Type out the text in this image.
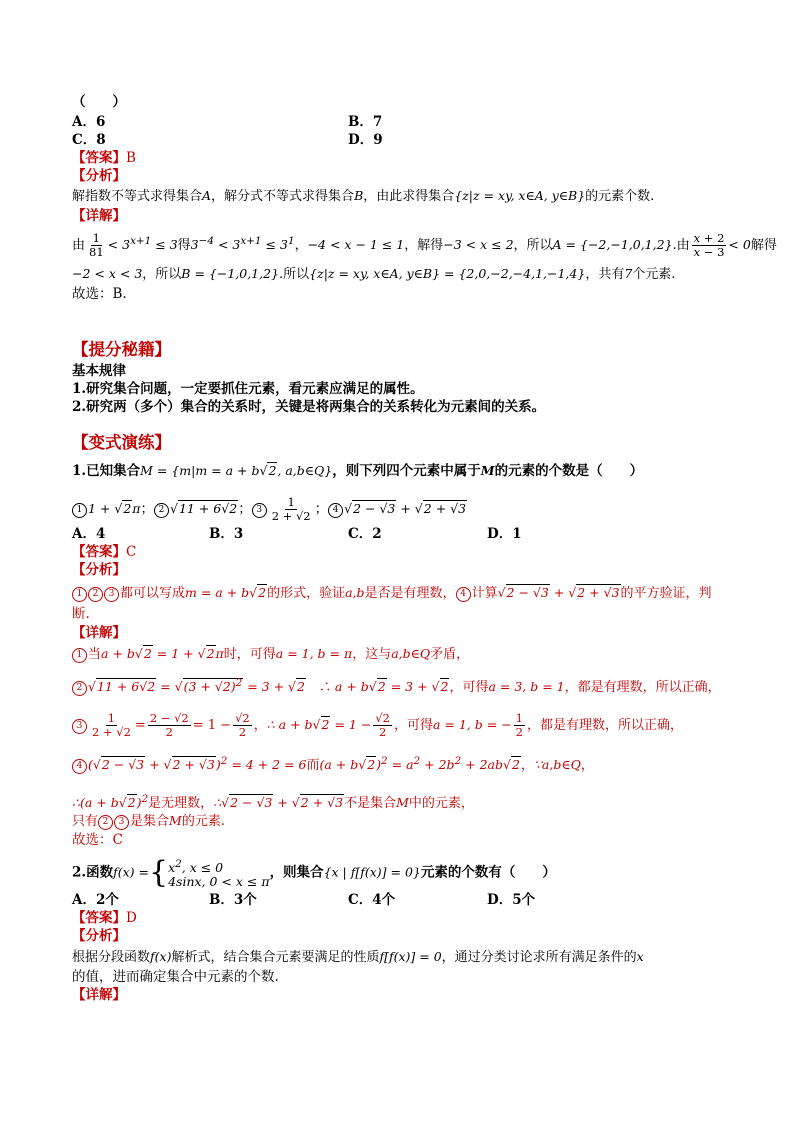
（　　）
A．6	B．7
C．8	D．9
【答案】B
【分析】
解指数不等式求得集合A，解分式不等式求得集合B，由此求得集合{z|z = xy, x∈A, y∈B}的元素个数.
【详解】
由 $\frac{1}{81} < 3^{x+1} \le 3$得$3^{-4} < 3^{x+1} \le 3^1$，−4 < x − 1 ≤ 1，解得−3 < x ≤ 2，所以A = {−2,−1,0,1,2}.由 $\frac{x + 2}{x - 3} < 0$解得
−2 < x < 3，所以B = {−1,0,1,2}.所以{z|z = xy, x∈A, y∈B} = {2,0,−2,−4,1,−1,4}，共有7个元素.
故选：B.
【提分秘籍】
基本规律
1.研究集合问题，一定要抓住元素，看元素应满足的属性。
2.研究两（多个）集合的关系时，关键是将两集合的关系转化为元素间的关系。
【变式演练】
1.已知集合M = {m|m = a + b√2, a,b∈Q}，则下列四个元素中属于M的元素的个数是（　　）
1 1 + √2π； 2 √11 + 6√2； $3 \frac{1}{2 + √2}$ ； 4 √2 − √3 + √2 + √3
A．4	B．3	C．2	D．1
【答案】C
【分析】
1 2 3 都可以写成m = a + b√2的形式，验证a,b是否是有理数， 4 计算√2 − √3 + √2 + √3的平方验证，判
断.
【详解】
1 当a + b√2 = 1 + √2π时，可得a = 1, b = π，这与a,b∈Q矛盾，
2 $√11 + 6√2 = √(3 + √2)^2 = 3 + √2$　∴ a + b√2 = 3 + √2，可得a = 3, b = 1，都是有理数，所以正确，
$3 \frac{1}{2 + √2} = \frac{2 - √2}{2} = 1 - \frac{√2}{2}$ ，∴ $a + b√2 = 1 - \frac{√2}{2}$ ，可得a = 1, b = − $\frac{1}{2}$ ，都是有理数，所以正确，
4 $(√2 - √3 + √2 + √3)^2 = 4 + 2 = 6$而$(a + b√2)^2 = a^2 + 2b^2 + 2ab√2$，∵a,b∈Q，
∴(a + b√2)$^2$是无理数，∴√2 − √3 + √2 + √3不是集合M中的元素，
只有 2 3 是集合M的元素.
故选：C
2.函数f(x) = { $x^2$, x ≤ 0
4sinx, 0 < x ≤ π
，则集合{x | f[f(x)] = 0}元素的个数有（　　）
A．2个	B．3个	C．4个	D．5个
【答案】D
【分析】
根据分段函数f(x)解析式，结合集合元素要满足的性质f[f(x)] = 0，通过分类讨论求所有满足条件的x
的值，进而确定集合中元素的个数.
【详解】
